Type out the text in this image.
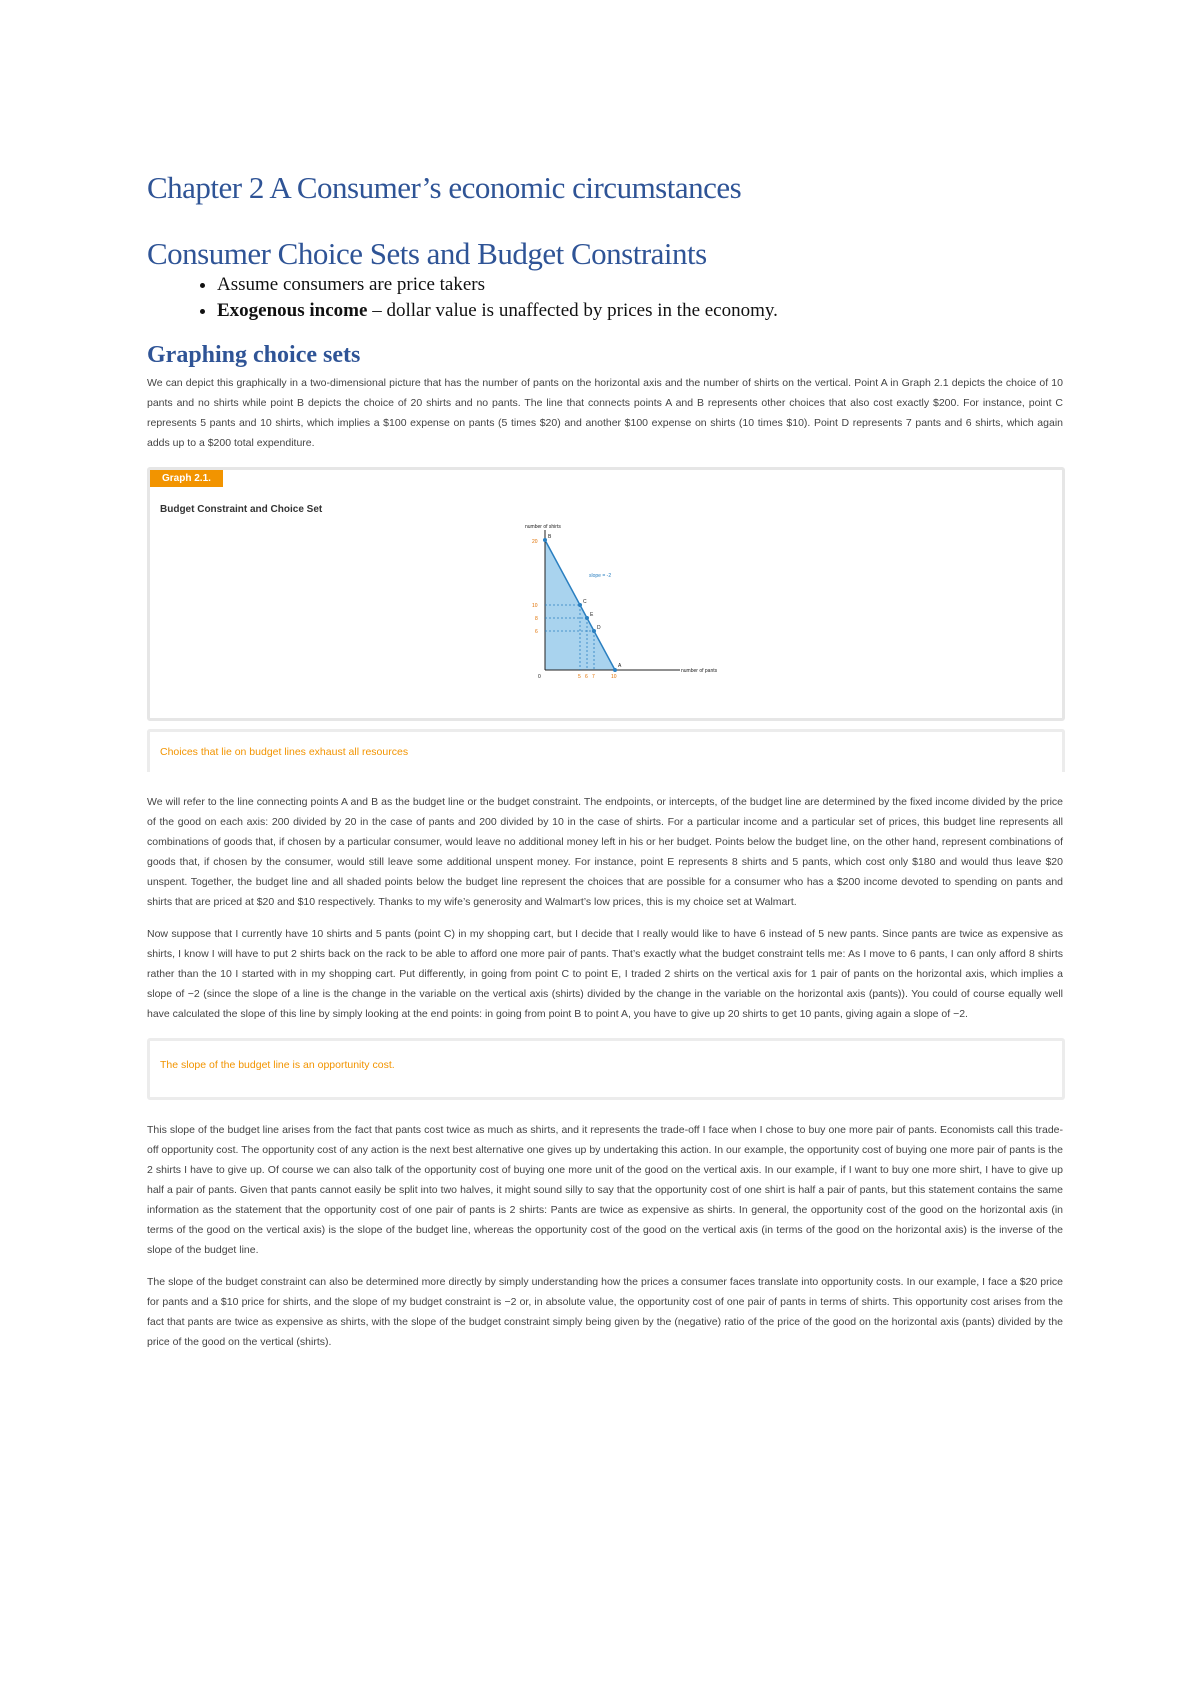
Chapter 2 A Consumer’s economic circumstances
Consumer Choice Sets and Budget Constraints
• Assume consumers are price takers
• Exogenous income – dollar value is unaffected by prices in the economy.
Graphing choice sets

We can depict this graphically in a two-dimensional picture that has the number of pants on the horizontal axis and the number of shirts on the vertical. Point A in Graph 2.1 depicts the choice of 10 pants and no shirts while point B depicts the choice of 20 shirts and no pants. The line that connects points A and B represents other choices that also cost exactly $200. For instance, point C represents 5 pants and 10 shirts, which implies a $100 expense on pants (5 times $20) and another $100 expense on shirts (10 times $10). Point D represents 7 pants and 6 shirts, which again adds up to a $200 total expenditure.

Graph 2.1.
Budget Constraint and Choice Set
number of shirts
number of pants
slope = -2
20
10
8
6
0	5 6 7	10
B
C
E
D
A
Choices that lie on budget lines exhaust all resources

We will refer to the line connecting points A and B as the budget line or the budget constraint. The endpoints, or intercepts, of the budget line are determined by the fixed income divided by the price of the good on each axis: 200 divided by 20 in the case of pants and 200 divided by 10 in the case of shirts. For a particular income and a particular set of prices, this budget line represents all combinations of goods that, if chosen by a particular consumer, would leave no additional money left in his or her budget. Points below the budget line, on the other hand, represent combinations of goods that, if chosen by the consumer, would still leave some additional unspent money. For instance, point E represents 8 shirts and 5 pants, which cost only $180 and would thus leave $20 unspent. Together, the budget line and all shaded points below the budget line represent the choices that are possible for a consumer who has a $200 income devoted to spending on pants and shirts that are priced at $20 and $10 respectively. Thanks to my wife’s generosity and Walmart’s low prices, this is my choice set at Walmart.

Now suppose that I currently have 10 shirts and 5 pants (point C) in my shopping cart, but I decide that I really would like to have 6 instead of 5 new pants. Since pants are twice as expensive as shirts, I know I will have to put 2 shirts back on the rack to be able to afford one more pair of pants. That’s exactly what the budget constraint tells me: As I move to 6 pants, I can only afford 8 shirts rather than the 10 I started with in my shopping cart. Put differently, in going from point C to point E, I traded 2 shirts on the vertical axis for 1 pair of pants on the horizontal axis, which implies a slope of −2 (since the slope of a line is the change in the variable on the vertical axis (shirts) divided by the change in the variable on the horizontal axis (pants)). You could of course equally well have calculated the slope of this line by simply looking at the end points: in going from point B to point A, you have to give up 20 shirts to get 10 pants, giving again a slope of −2.

The slope of the budget line is an opportunity cost.

This slope of the budget line arises from the fact that pants cost twice as much as shirts, and it represents the trade-off I face when I chose to buy one more pair of pants. Economists call this trade-off opportunity cost. The opportunity cost of any action is the next best alternative one gives up by undertaking this action. In our example, the opportunity cost of buying one more pair of pants is the 2 shirts I have to give up. Of course we can also talk of the opportunity cost of buying one more unit of the good on the vertical axis. In our example, if I want to buy one more shirt, I have to give up half a pair of pants. Given that pants cannot easily be split into two halves, it might sound silly to say that the opportunity cost of one shirt is half a pair of pants, but this statement contains the same information as the statement that the opportunity cost of one pair of pants is 2 shirts: Pants are twice as expensive as shirts. In general, the opportunity cost of the good on the horizontal axis (in terms of the good on the vertical axis) is the slope of the budget line, whereas the opportunity cost of the good on the vertical axis (in terms of the good on the horizontal axis) is the inverse of the slope of the budget line.

The slope of the budget constraint can also be determined more directly by simply understanding how the prices a consumer faces translate into opportunity costs. In our example, I face a $20 price for pants and a $10 price for shirts, and the slope of my budget constraint is −2 or, in absolute value, the opportunity cost of one pair of pants in terms of shirts. This opportunity cost arises from the fact that pants are twice as expensive as shirts, with the slope of the budget constraint simply being given by the (negative) ratio of the price of the good on the horizontal axis (pants) divided by the price of the good on the vertical (shirts).
